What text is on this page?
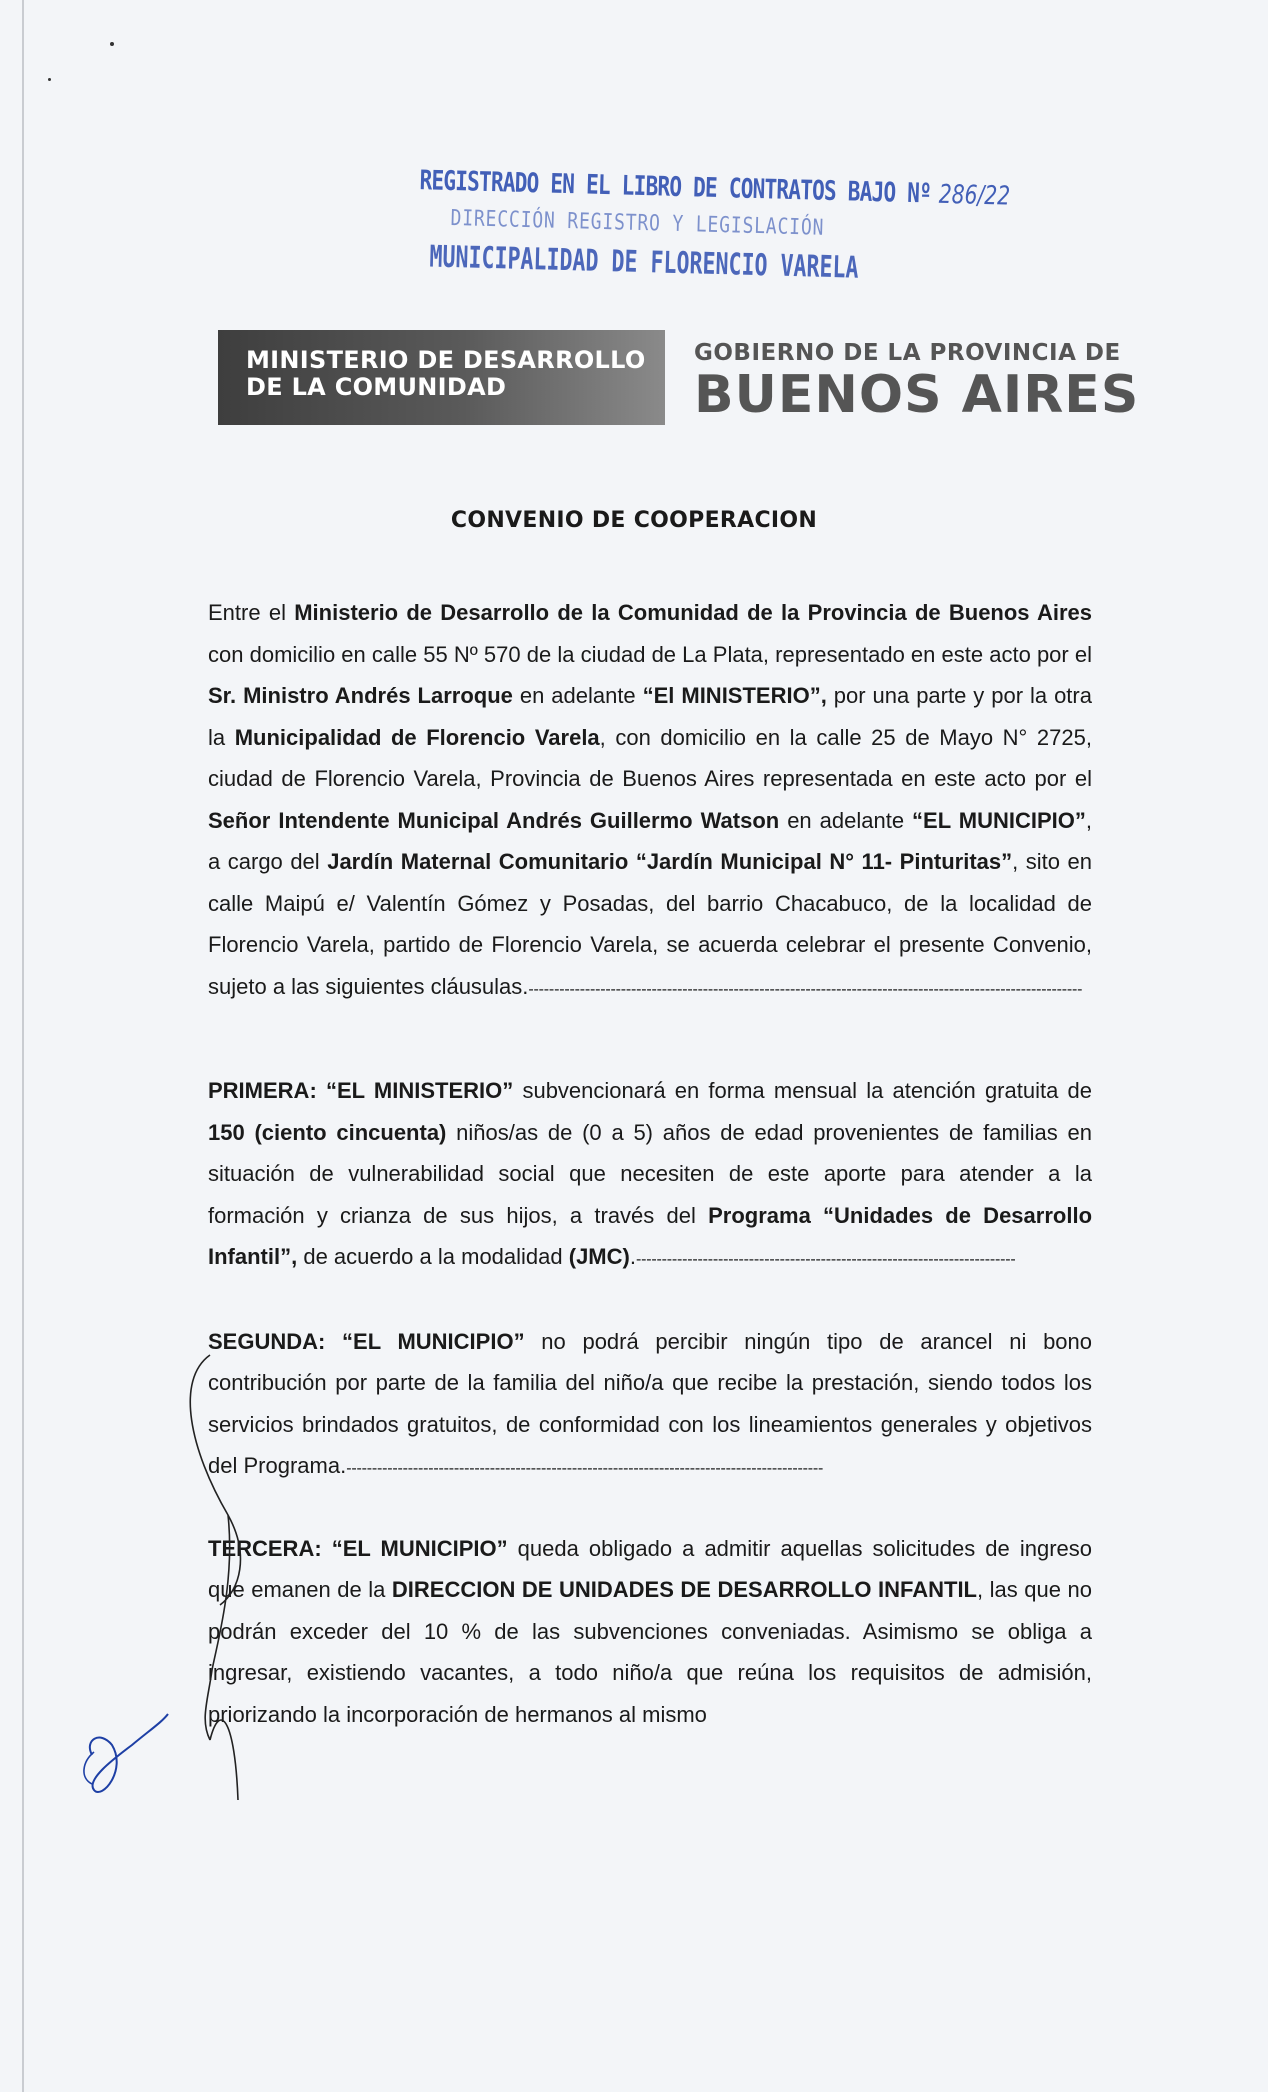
REGISTRADO EN EL LIBRO DE CONTRATOS BAJO Nº 286/22
DIRECCIÓN REGISTRO Y LEGISLACIÓN
MUNICIPALIDAD DE FLORENCIO VARELA
MINISTERIO DE DESARROLLO
DE LA COMUNIDAD
GOBIERNO DE LA PROVINCIA DE
BUENOS AIRES
CONVENIO DE COOPERACION

Entre el Ministerio de Desarrollo de la Comunidad de la Provincia de Buenos Aires con domicilio en calle 55 Nº 570 de la ciudad de La Plata, representado en este acto por el Sr. Ministro Andrés Larroque en adelante “El MINISTERIO”, por una parte y por la otra la Municipalidad de Florencio Varela, con domicilio en la calle 25 de Mayo N° 2725, ciudad de Florencio Varela, Provincia de Buenos Aires representada en este acto por el Señor Intendente Municipal Andrés Guillermo Watson en adelante “EL MUNICIPIO”, a cargo del Jardín Maternal Comunitario “Jardín Municipal N° 11- Pinturitas”, sito en calle Maipú e/ Valentín Gómez y Posadas, del barrio Chacabuco, de la localidad de Florencio Varela, partido de Florencio Varela, se acuerda celebrar el presente Convenio, sujeto a las siguientes cláusulas.------------------------------------------------------------------------------------------------------------

PRIMERA: “EL MINISTERIO” subvencionará en forma mensual la atención gratuita de 150 (ciento cincuenta) niños/as de (0 a 5) años de edad provenientes de familias en situación de vulnerabilidad social que necesiten de este aporte para atender a la formación y crianza de sus hijos, a través del Programa “Unidades de Desarrollo Infantil”, de acuerdo a la modalidad (JMC).--------------------------------------------------------------------------

SEGUNDA: “EL MUNICIPIO” no podrá percibir ningún tipo de arancel ni bono contribución por parte de la familia del niño/a que recibe la prestación, siendo todos los servicios brindados gratuitos, de conformidad con los lineamientos generales y objetivos del Programa.---------------------------------------------------------------------------------------------

TERCERA: “EL MUNICIPIO” queda obligado a admitir aquellas solicitudes de ingreso que emanen de la DIRECCION DE UNIDADES DE DESARROLLO INFANTIL, las que no podrán exceder del 10 % de las subvenciones conveniadas. Asimismo se obliga a ingresar, existiendo vacantes, a todo niño/a que reúna los requisitos de admisión, priorizando la incorporación de hermanos al mismo
